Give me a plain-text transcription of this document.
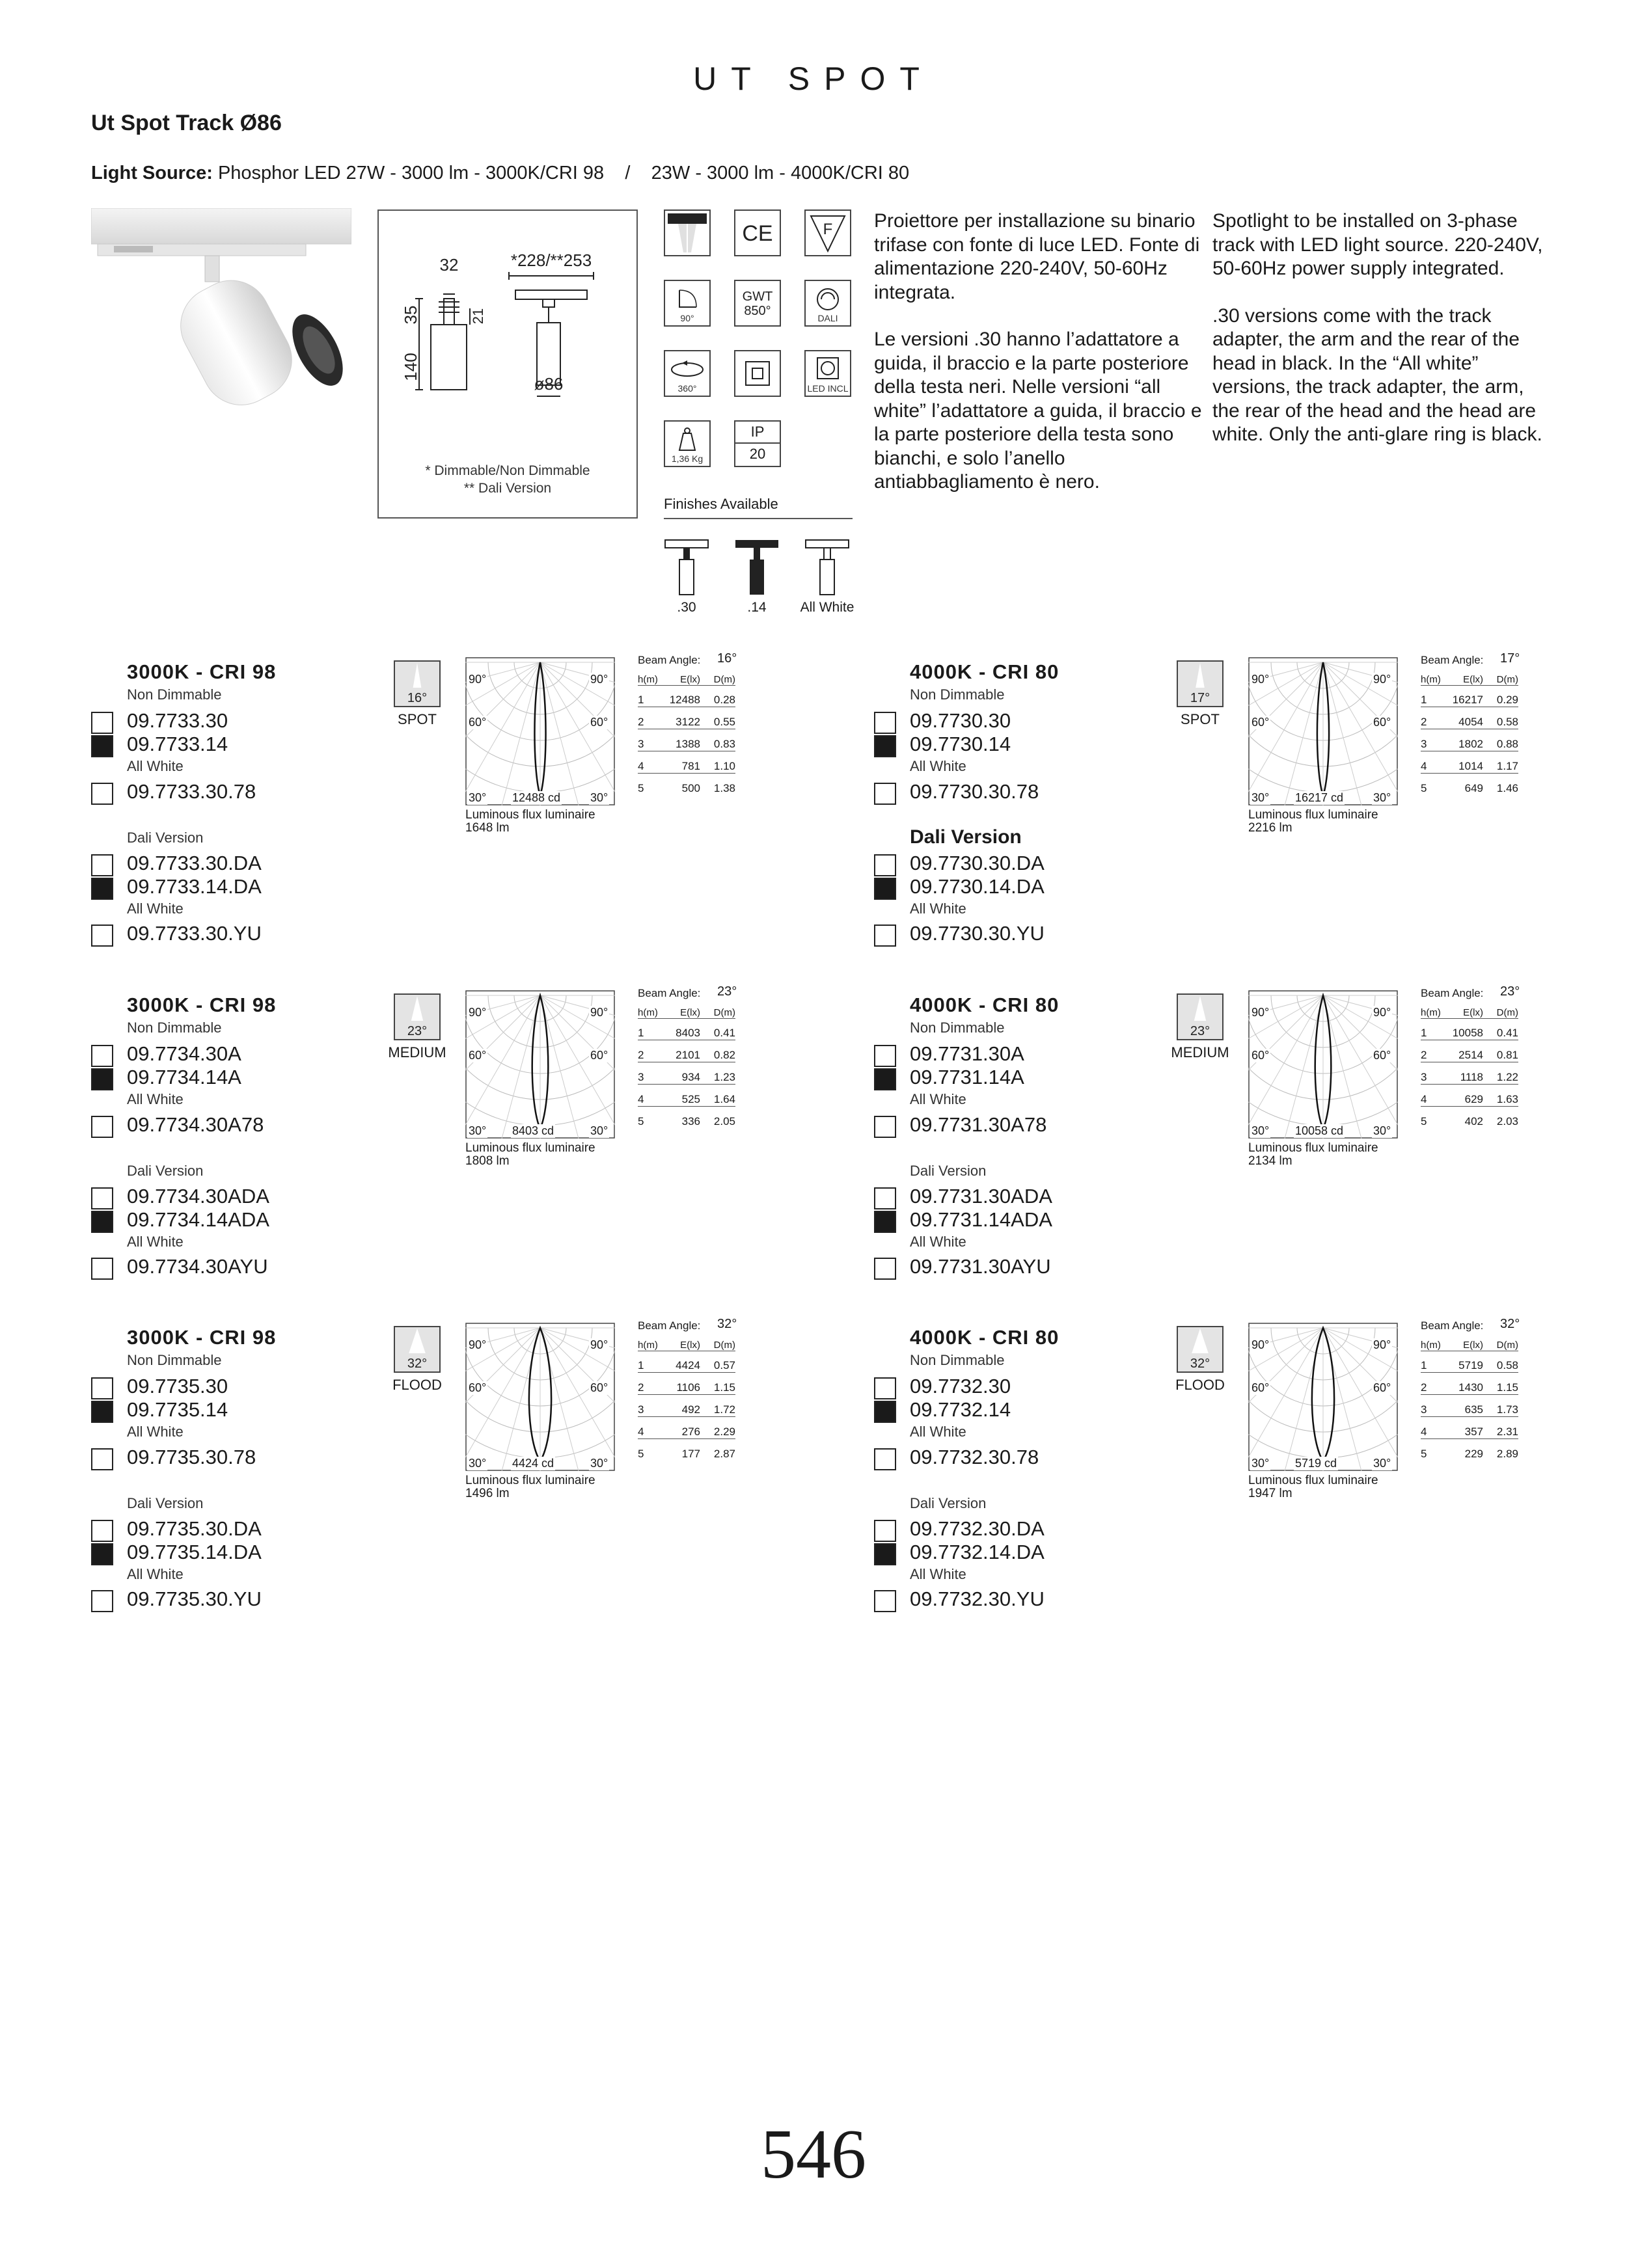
UT SPOT
Ut Spot Track Ø86
Light Source: Phosphor LED 27W - 3000 lm - 3000K/CRI 98    /    23W - 3000 lm - 4000K/CRI 80
32	*228/**253
35	21
140
ø86
* Dimmable/Non Dimmable
** Dali Version
CE	F
90°
GWT
850°	DALI
360°	LED INCL
1,36 Kg
IP
20
Finishes Available
.30	.14	All White

Proiettore per installazione su binario trifase con fonte di luce LED. Fonte di alimentazione 220-240V, 50-60Hz integrata.

Le versioni .30 hanno l’adattatore a guida, il braccio e la parte posteriore della testa neri. Nelle versioni “all white” l’adattatore a guida, il braccio e la parte posteriore della testa sono bianchi, e solo l’anello antiabbagliamento è nero.

Spotlight to be installed on 3-phase track with LED light source. 220-240V, 50-60Hz power supply integrated.

.30 versions come with the track adapter, the arm and the rear of the head in black. In the “All white” versions, the track adapter, the arm, the rear of the head and the head are white. Only the anti-glare ring is black.

3000K - CRI 98
Non Dimmable
09.7733.30
09.7733.14
09.7733.30.78
09.7733.30.DA
09.7733.14.DA
09.7733.30.YU
All White
Dali Version
All White
16°
SPOT
90°	90°
60°	60°
30°	30°
12488 cd
Luminous flux luminaire
1648 lm
Beam Angle: 16°
h(m)	E(lx)	D(m)
1	12488	0.28
2	3122	0.55
3	1388	0.83
4	781	1.10
5	500	1.38
4000K - CRI 80
Non Dimmable
09.7730.30
09.7730.14
09.7730.30.78
09.7730.30.DA
09.7730.14.DA
09.7730.30.YU
All White
Dali Version
All White
17°
SPOT
90°	90°
60°	60°
30°	30°
16217 cd
Luminous flux luminaire
2216 lm
Beam Angle: 17°
h(m)	E(lx)	D(m)
1	16217	0.29
2	4054	0.58
3	1802	0.88
4	1014	1.17
5	649	1.46
3000K - CRI 98
Non Dimmable
09.7734.30A
09.7734.14A
09.7734.30A78
09.7734.30ADA
09.7734.14ADA
09.7734.30AYU
All White
Dali Version
All White
23°
MEDIUM
90°	90°
60°	60°
30°	30°
8403 cd
Luminous flux luminaire
1808 lm
Beam Angle: 23°
h(m)	E(lx)	D(m)
1	8403	0.41
2	2101	0.82
3	934	1.23
4	525	1.64
5	336	2.05
4000K - CRI 80
Non Dimmable
09.7731.30A
09.7731.14A
09.7731.30A78
09.7731.30ADA
09.7731.14ADA
09.7731.30AYU
All White
Dali Version
All White
23°
MEDIUM
90°	90°
60°	60°
30°	30°
10058 cd
Luminous flux luminaire
2134 lm
Beam Angle: 23°
h(m)	E(lx)	D(m)
1	10058	0.41
2	2514	0.81
3	1118	1.22
4	629	1.63
5	402	2.03
3000K - CRI 98
Non Dimmable
09.7735.30
09.7735.14
09.7735.30.78
09.7735.30.DA
09.7735.14.DA
09.7735.30.YU
All White
Dali Version
All White
32°
FLOOD
90°	90°
60°	60°
30°	30°
4424 cd
Luminous flux luminaire
1496 lm
Beam Angle: 32°
h(m)	E(lx)	D(m)
1	4424	0.57
2	1106	1.15
3	492	1.72
4	276	2.29
5	177	2.87
4000K - CRI 80
Non Dimmable
09.7732.30
09.7732.14
09.7732.30.78
09.7732.30.DA
09.7732.14.DA
09.7732.30.YU
All White
Dali Version
All White
32°
FLOOD
90°	90°
60°	60°
30°	30°
5719 cd
Luminous flux luminaire
1947 lm
Beam Angle: 32°
h(m)	E(lx)	D(m)
1	5719	0.58
2	1430	1.15
3	635	1.73
4	357	2.31
5	229	2.89
546
